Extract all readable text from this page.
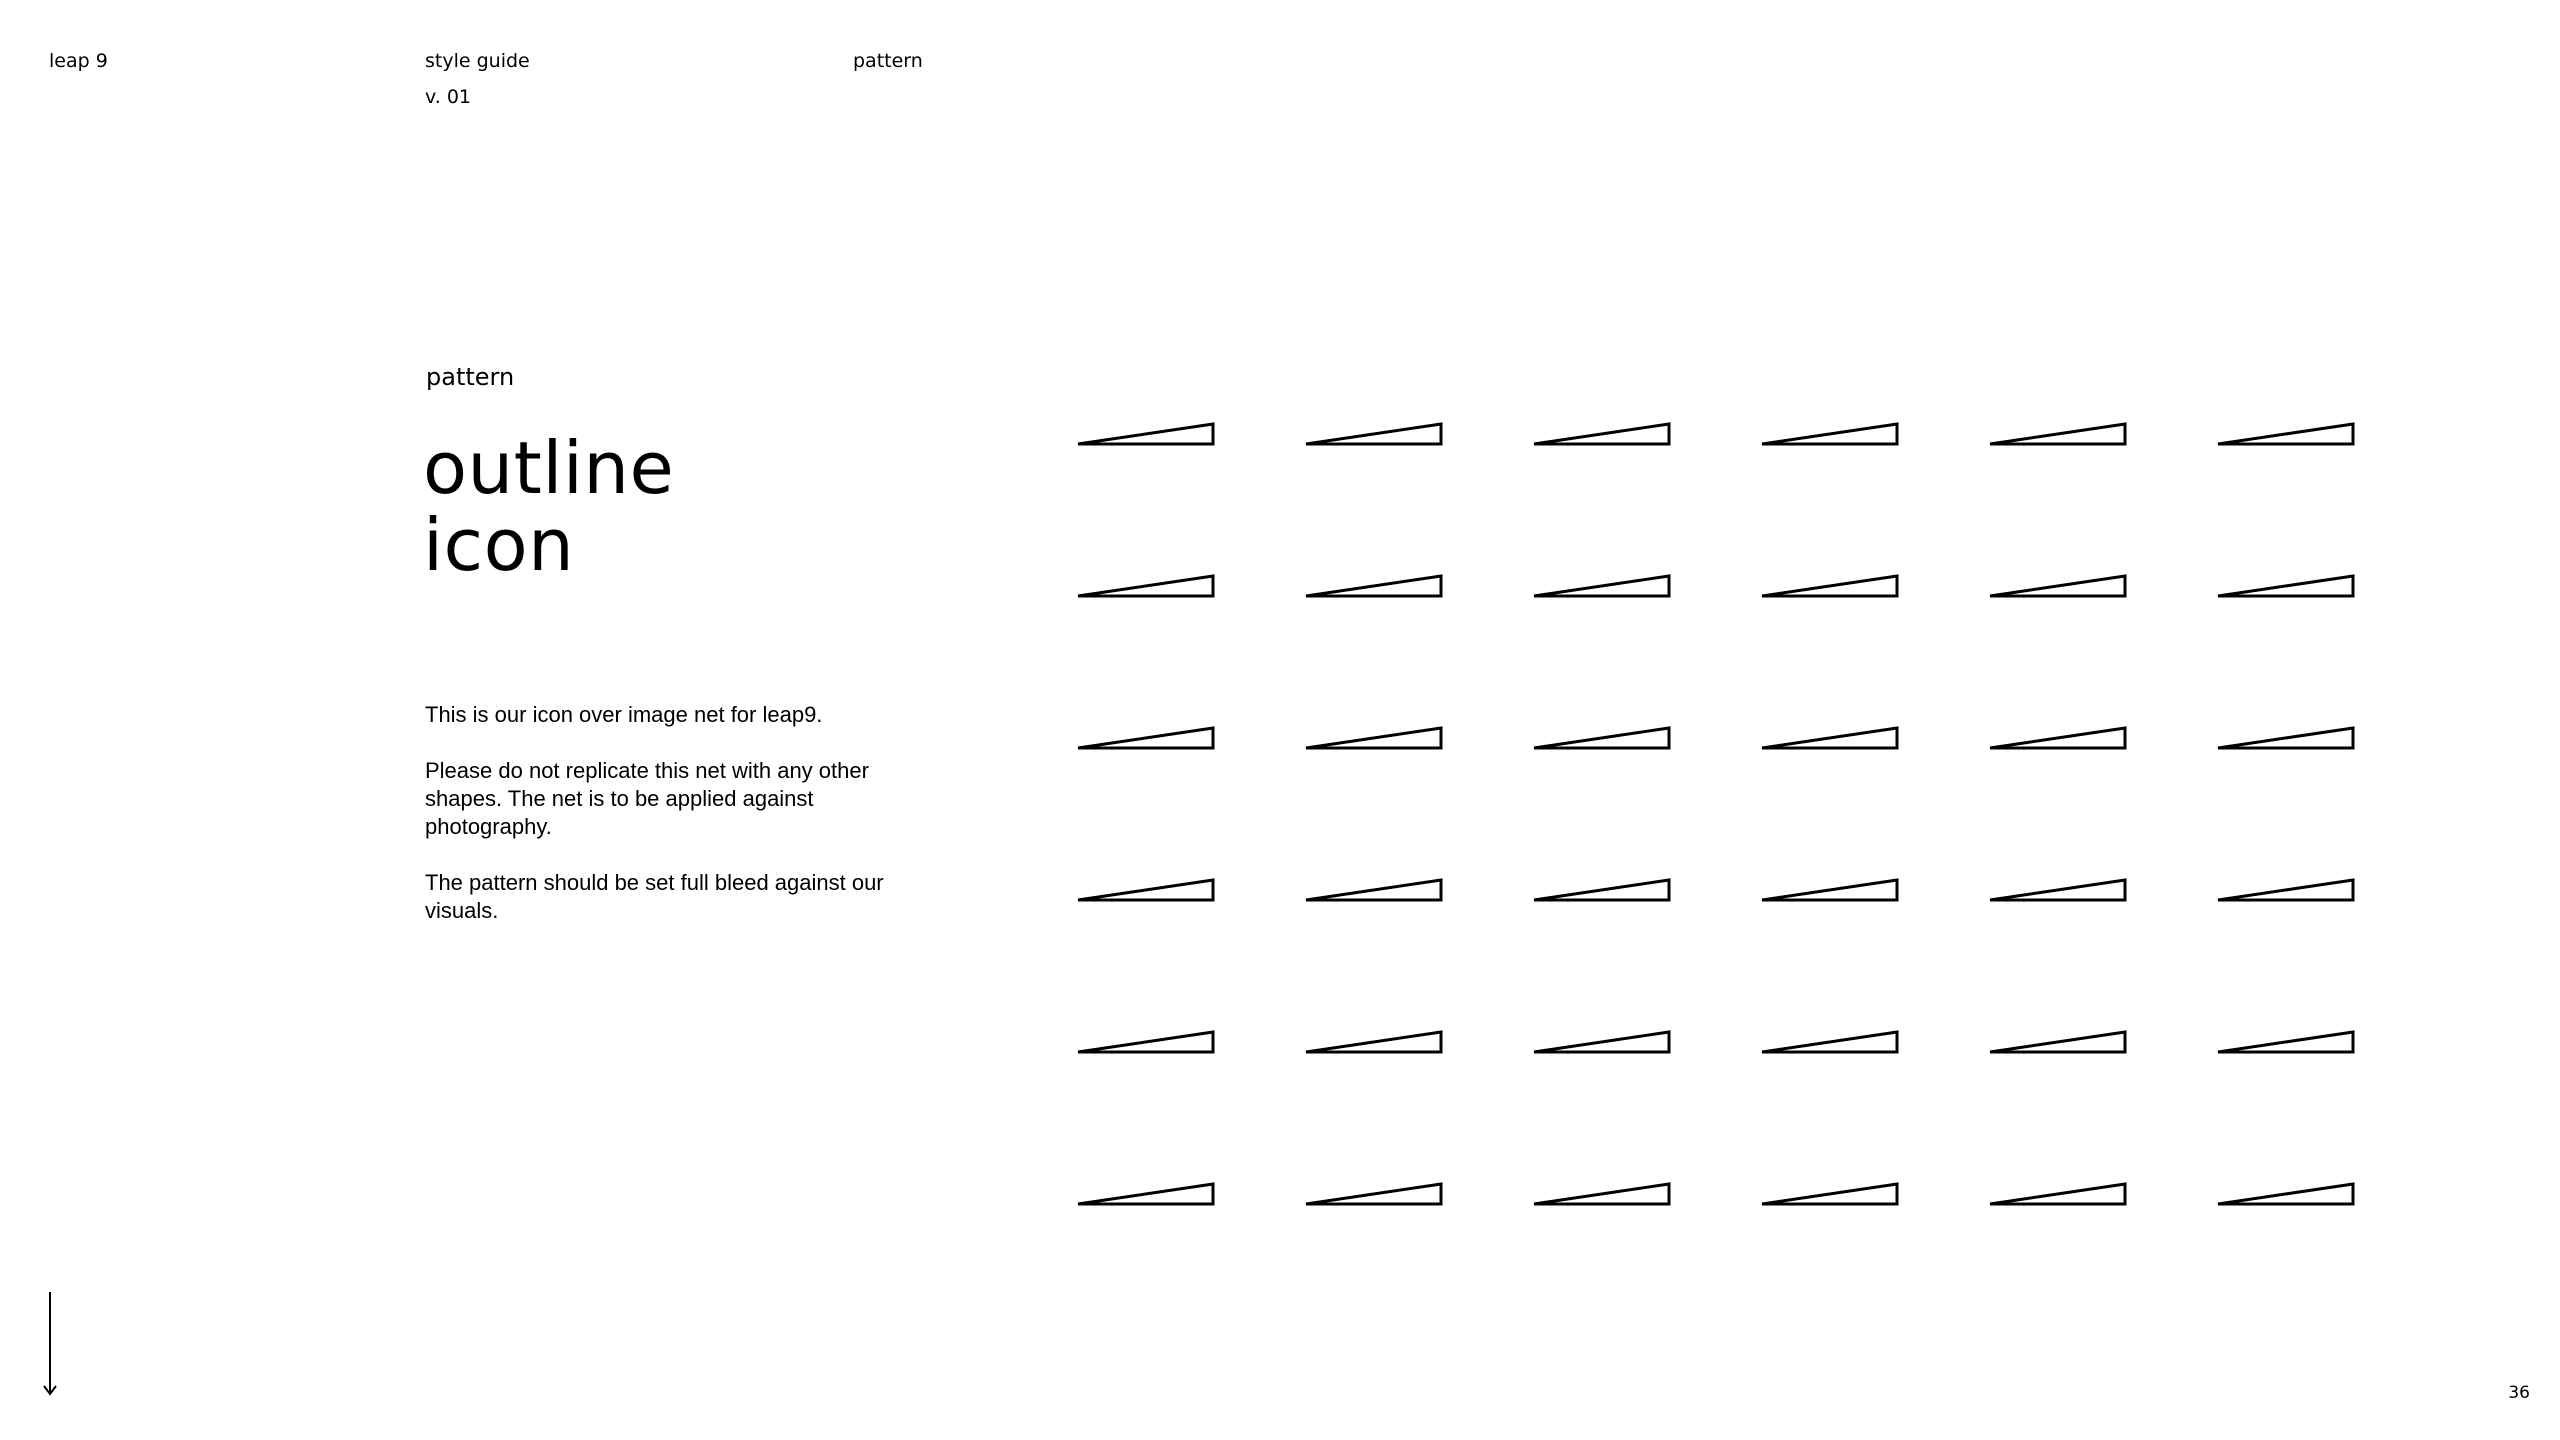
leap 9	style guide
v. 01
pattern
pattern
outline
icon

This is our icon over image net for leap9.

Please do not replicate this net with any other shapes. The net is to be applied against photography.

The pattern should be set full bleed against our visuals.

36
